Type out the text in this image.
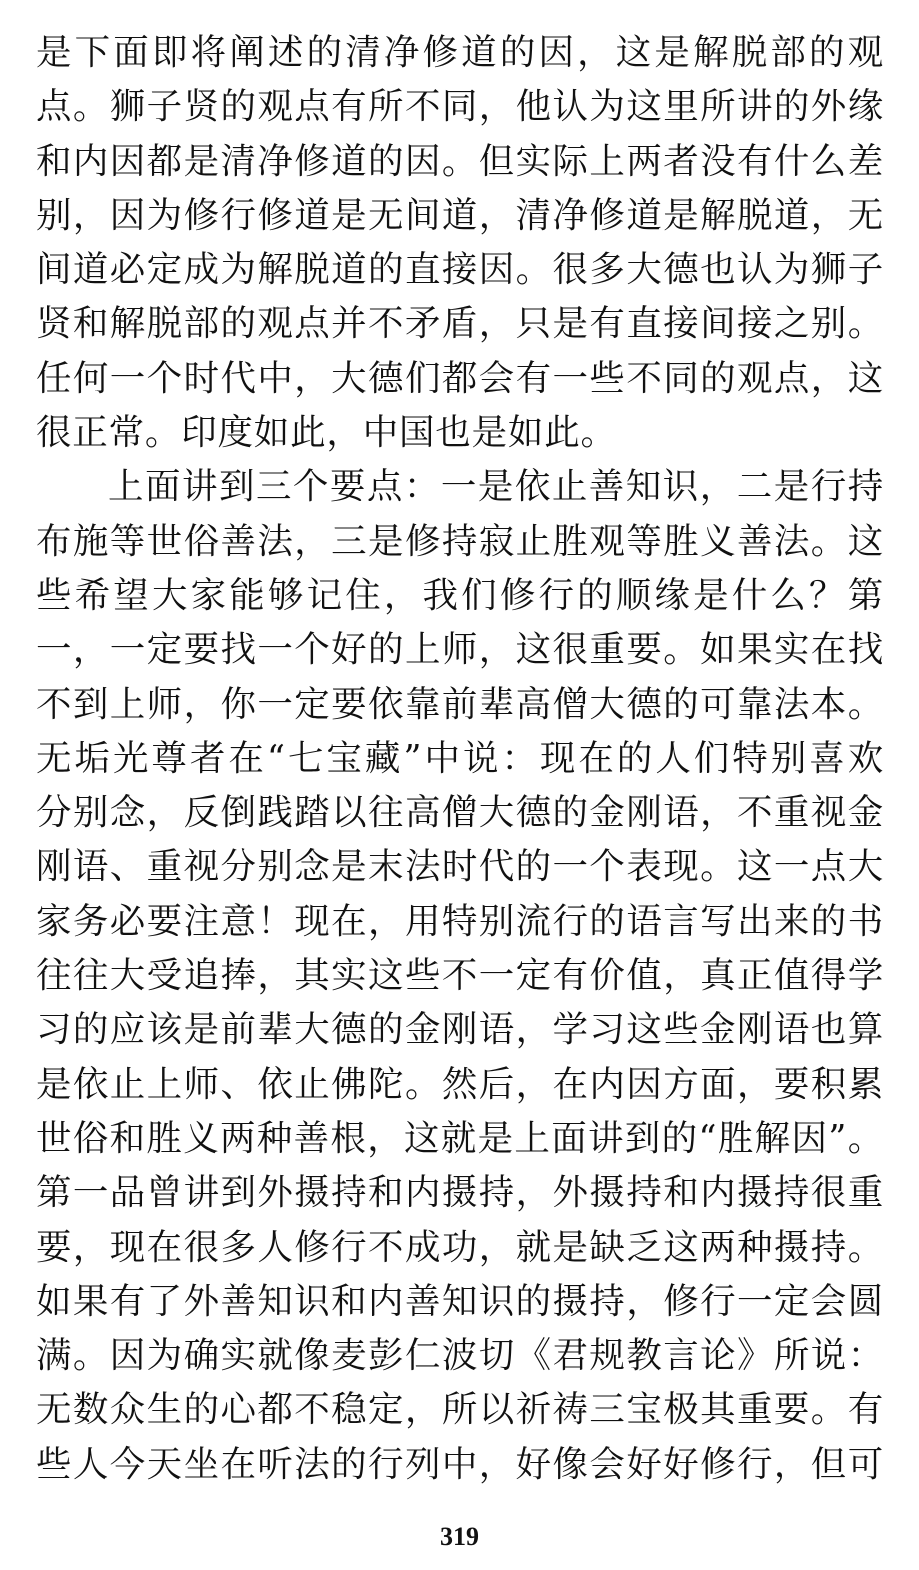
是下面即将阐述的清净修道的因，这是解脱部的观
点。狮子贤的观点有所不同，他认为这里所讲的外缘
和内因都是清净修道的因。但实际上两者没有什么差
别，因为修行修道是无间道，清净修道是解脱道，无
间道必定成为解脱道的直接因。很多大德也认为狮子
贤和解脱部的观点并不矛盾，只是有直接间接之别。
任何一个时代中，大德们都会有一些不同的观点，这
很正常。印度如此，中国也是如此。
上面讲到三个要点：一是依止善知识，二是行持
布施等世俗善法，三是修持寂止胜观等胜义善法。这
些希望大家能够记住，我们修行的顺缘是什么？第
一，一定要找一个好的上师，这很重要。如果实在找
不到上师，你一定要依靠前辈高僧大德的可靠法本。
无垢光尊者在“七宝藏”中说：现在的人们特别喜欢
分别念，反倒践踏以往高僧大德的金刚语，不重视金
刚语、重视分别念是末法时代的一个表现。这一点大
家务必要注意！现在，用特别流行的语言写出来的书
往往大受追捧，其实这些不一定有价值，真正值得学
习的应该是前辈大德的金刚语，学习这些金刚语也算
是依止上师、依止佛陀。然后，在内因方面，要积累
世俗和胜义两种善根，这就是上面讲到的“胜解因”。
第一品曾讲到外摄持和内摄持，外摄持和内摄持很重
要，现在很多人修行不成功，就是缺乏这两种摄持。
如果有了外善知识和内善知识的摄持，修行一定会圆
满。因为确实就像麦彭仁波切《君规教言论》所说：
无数众生的心都不稳定，所以祈祷三宝极其重要。有
些人今天坐在听法的行列中，好像会好好修行，但可
319
